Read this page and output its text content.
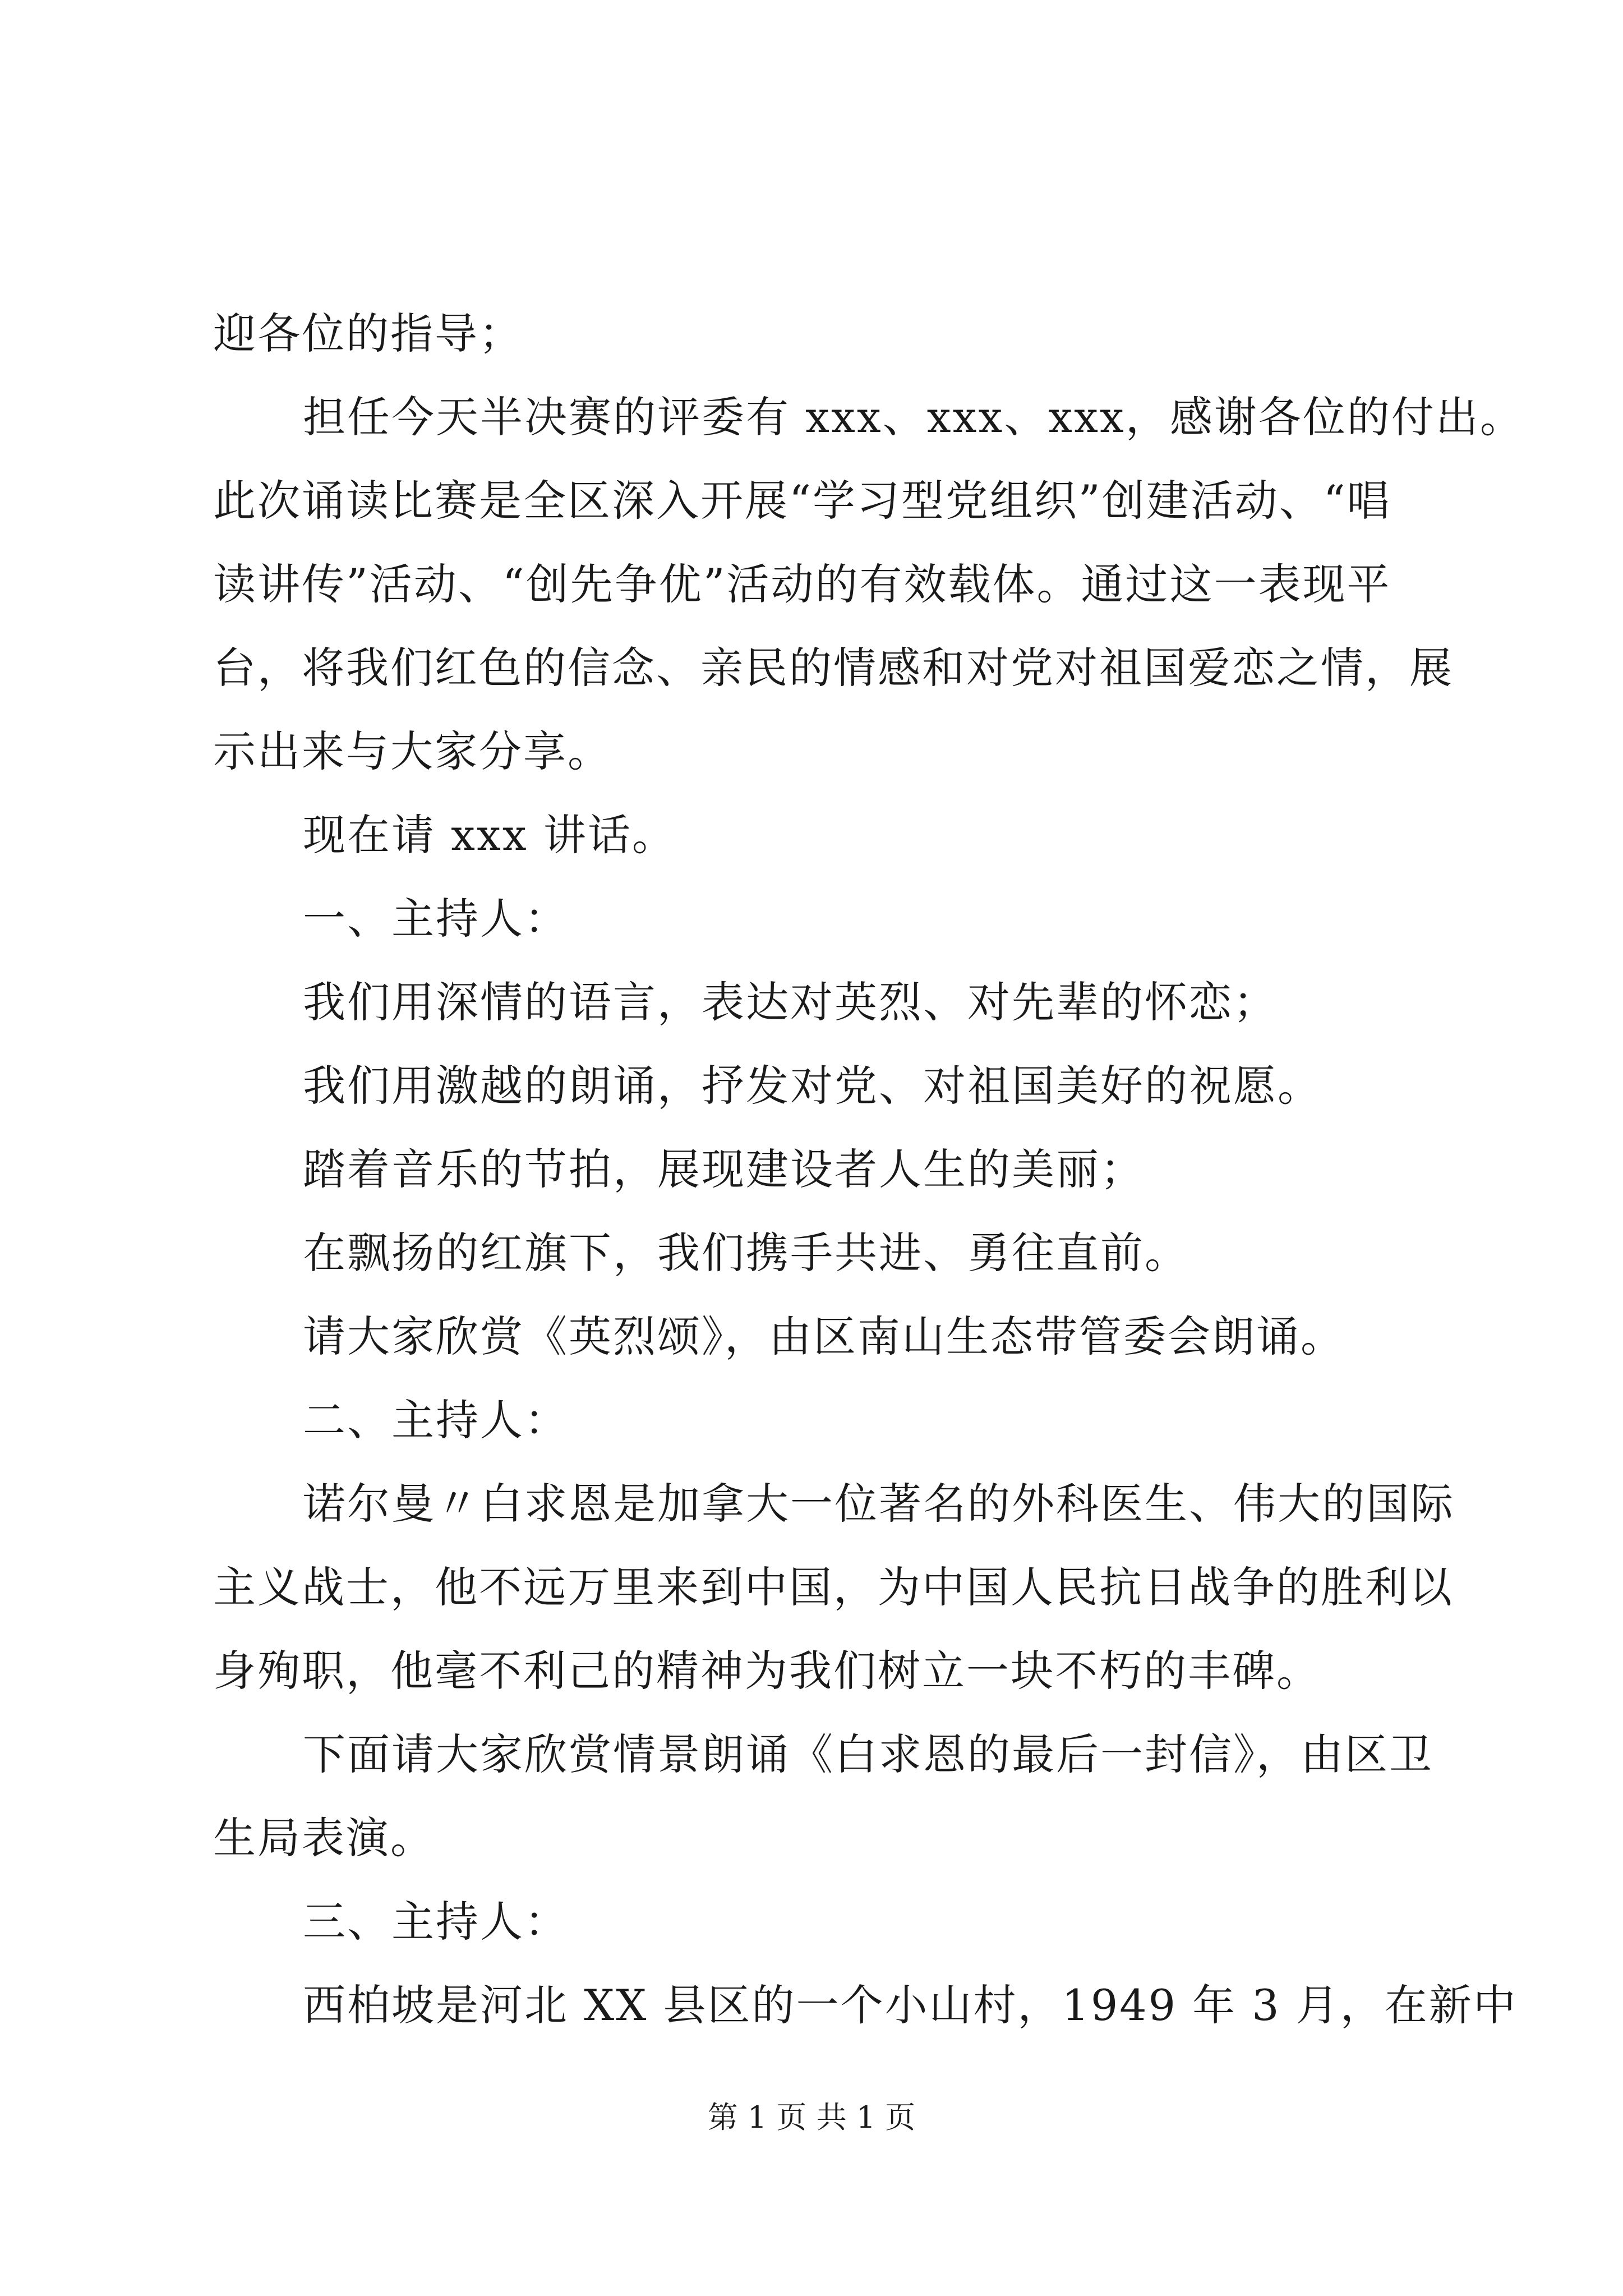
迎各位的指导；
担任今天半决赛的评委有 xxx、xxx、xxx，感谢各位的付出。
此次诵读比赛是全区深入开展“学习型党组织”创建活动、“唱
读讲传”活动、“创先争优”活动的有效载体。通过这一表现平
台，将我们红色的信念、亲民的情感和对党对祖国爱恋之情，展
示出来与大家分享。
现在请 xxx 讲话。
一、主持人：
我们用深情的语言，表达对英烈、对先辈的怀恋；
我们用激越的朗诵，抒发对党、对祖国美好的祝愿。
踏着音乐的节拍，展现建设者人生的美丽；
在飘扬的红旗下，我们携手共进、勇往直前。
请大家欣赏《英烈颂》，由区南山生态带管委会朗诵。
二、主持人：
诺尔曼〃白求恩是加拿大一位著名的外科医生、伟大的国际
主义战士，他不远万里来到中国，为中国人民抗日战争的胜利以
身殉职，他毫不利己的精神为我们树立一块不朽的丰碑。
下面请大家欣赏情景朗诵《白求恩的最后一封信》，由区卫
生局表演。
三、主持人：
西柏坡是河北 XX 县区的一个小山村，1949 年 3 月，在新中
第 1 页 共 1 页
